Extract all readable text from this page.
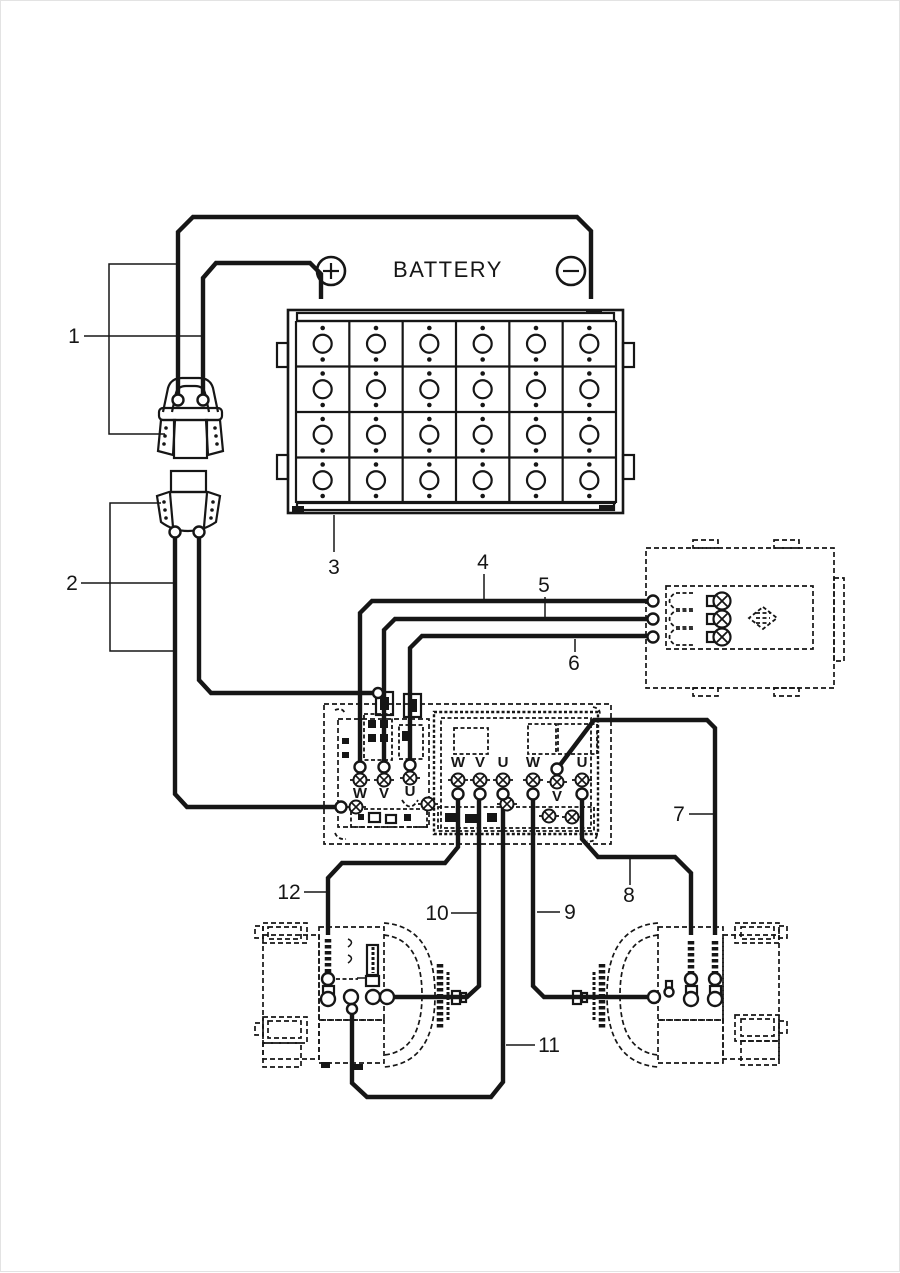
BATTERY
W V U
W V U W
V
U
1
2
3	4
5
6
7
8
9
10
11
12
